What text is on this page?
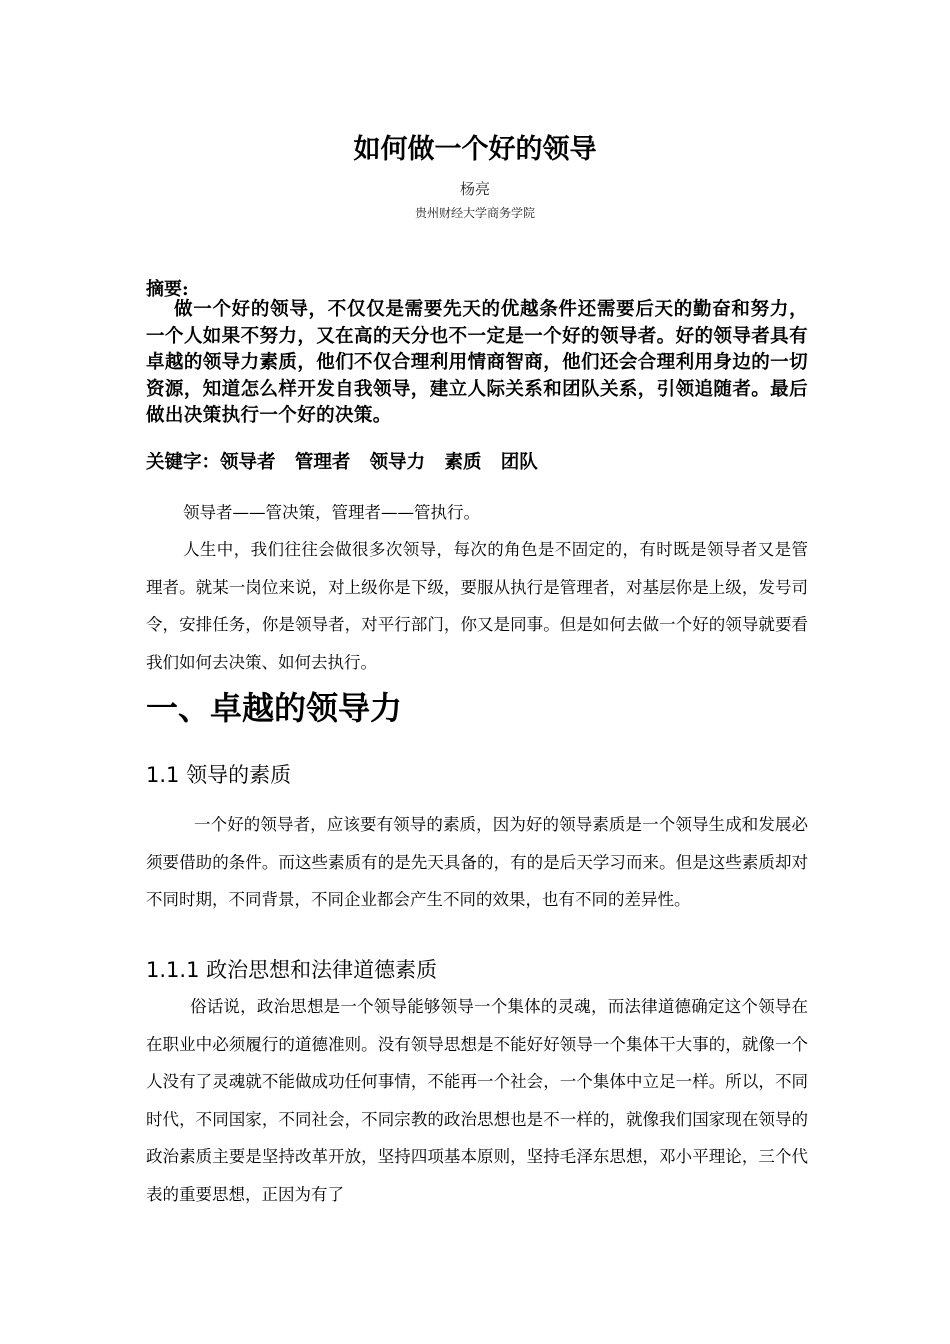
如何做一个好的领导
杨亮
贵州财经大学商务学院
摘要:

做一个好的领导，不仅仅是需要先天的优越条件还需要后天的勤奋和努力，一个人如果不努力，又在高的天分也不一定是一个好的领导者。好的领导者具有卓越的领导力素质，他们不仅合理利用情商智商，他们还会合理利用身边的一切资源，知道怎么样开发自我领导，建立人际关系和团队关系，引领追随者。最后做出决策执行一个好的决策。

关键字：领导者   管理者   领导力   素质   团队

领导者——管决策，管理者——管执行。

人生中，我们往往会做很多次领导，每次的角色是不固定的，有时既是领导者又是管理者。就某一岗位来说，对上级你是下级，要服从执行是管理者，对基层你是上级，发号司令，安排任务，你是领导者，对平行部门，你又是同事。但是如何去做一个好的领导就要看我们如何去决策、如何去执行。

一、卓越的领导力
1.1 领导的素质

一个好的领导者，应该要有领导的素质，因为好的领导素质是一个领导生成和发展必须要借助的条件。而这些素质有的是先天具备的，有的是后天学习而来。但是这些素质却对不同时期，不同背景，不同企业都会产生不同的效果，也有不同的差异性。

1.1.1 政治思想和法律道德素质

俗话说，政治思想是一个领导能够领导一个集体的灵魂，而法律道德确定这个领导在在职业中必须履行的道德准则。没有领导思想是不能好好领导一个集体干大事的，就像一个人没有了灵魂就不能做成功任何事情，不能再一个社会，一个集体中立足一样。所以，不同时代，不同国家，不同社会，不同宗教的政治思想也是不一样的，就像我们国家现在领导的政治素质主要是坚持改革开放，坚持四项基本原则，坚持毛泽东思想，邓小平理论，三个代表的重要思想，正因为有了
